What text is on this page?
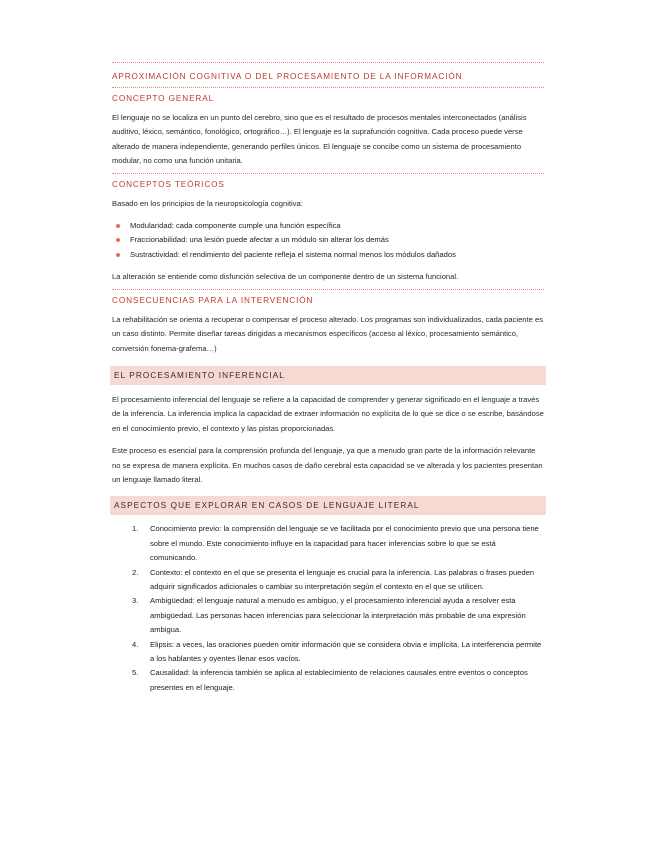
APROXIMACIÓN COGNITIVA O DEL PROCESAMIENTO DE LA INFORMACIÓN
CONCEPTO GENERAL

El lenguaje no se localiza en un punto del cerebro, sino que es el resultado de procesos mentales interconectados (análisis auditivo, léxico, semántico, fonológico, ortográfico…). El lenguaje es la suprafunción cognitiva. Cada proceso puede verse alterado de manera independiente, generando perfiles únicos. El lenguaje se concibe como un sistema de procesamiento modular, no como una función unitaria.

CONCEPTOS TEÓRICOS

Basado en los principios de la neuropsicología cognitiva:

Modularidad: cada componente cumple una función específica
Fraccionabilidad: una lesión puede afectar a un módulo sin alterar los demás
Sustractividad: el rendimiento del paciente refleja el sistema normal menos los módulos dañados

La alteración se entiende como disfunción selectiva de un componente dentro de un sistema funcional.

CONSECUENCIAS PARA LA INTERVENCIÓN

La rehabilitación se orienta a recuperar o compensar el proceso alterado. Los programas son individualizados, cada paciente es un caso distinto. Permite diseñar tareas dirigidas a mecanismos específicos (acceso al léxico, procesamiento semántico, conversión fonema-grafema…)

EL PROCESAMIENTO INFERENCIAL

El procesamiento inferencial del lenguaje se refiere a la capacidad de comprender y generar significado en el lenguaje a través de la inferencia. La inferencia implica la capacidad de extraer información no explícita de lo que se dice o se escribe, basándose en el conocimiento previo, el contexto y las pistas proporcionadas.

Este proceso es esencial para la comprensión profunda del lenguaje, ya que a menudo gran parte de la información relevante no se expresa de manera explícita. En muchos casos de daño cerebral esta capacidad se ve alterada y los pacientes presentan un lenguaje llamado literal.

ASPECTOS QUE EXPLORAR EN CASOS DE LENGUAJE LITERAL
1. Conocimiento previo: la comprensión del lenguaje se ve facilitada por el conocimiento previo que una persona tiene sobre el mundo. Este conocimiento influye en la capacidad para hacer inferencias sobre lo que se está comunicando.
2. Contexto: el contexto en el que se presenta el lenguaje es crucial para la inferencia. Las palabras o frases pueden adquirir significados adicionales o cambiar su interpretación según el contexto en el que se utilicen.
3. Ambigüedad: el lenguaje natural a menudo es ambiguo, y el procesamiento inferencial ayuda a resolver esta ambigüedad. Las personas hacen inferencias para seleccionar la interpretación más probable de una expresión ambigua.
4. Elipsis: a veces, las oraciones pueden omitir información que se considera obvia e implícita. La interferencia permite a los hablantes y oyentes llenar esos vacíos.
5. Causalidad: la inferencia también se aplica al establecimiento de relaciones causales entre eventos o conceptos presentes en el lenguaje.
